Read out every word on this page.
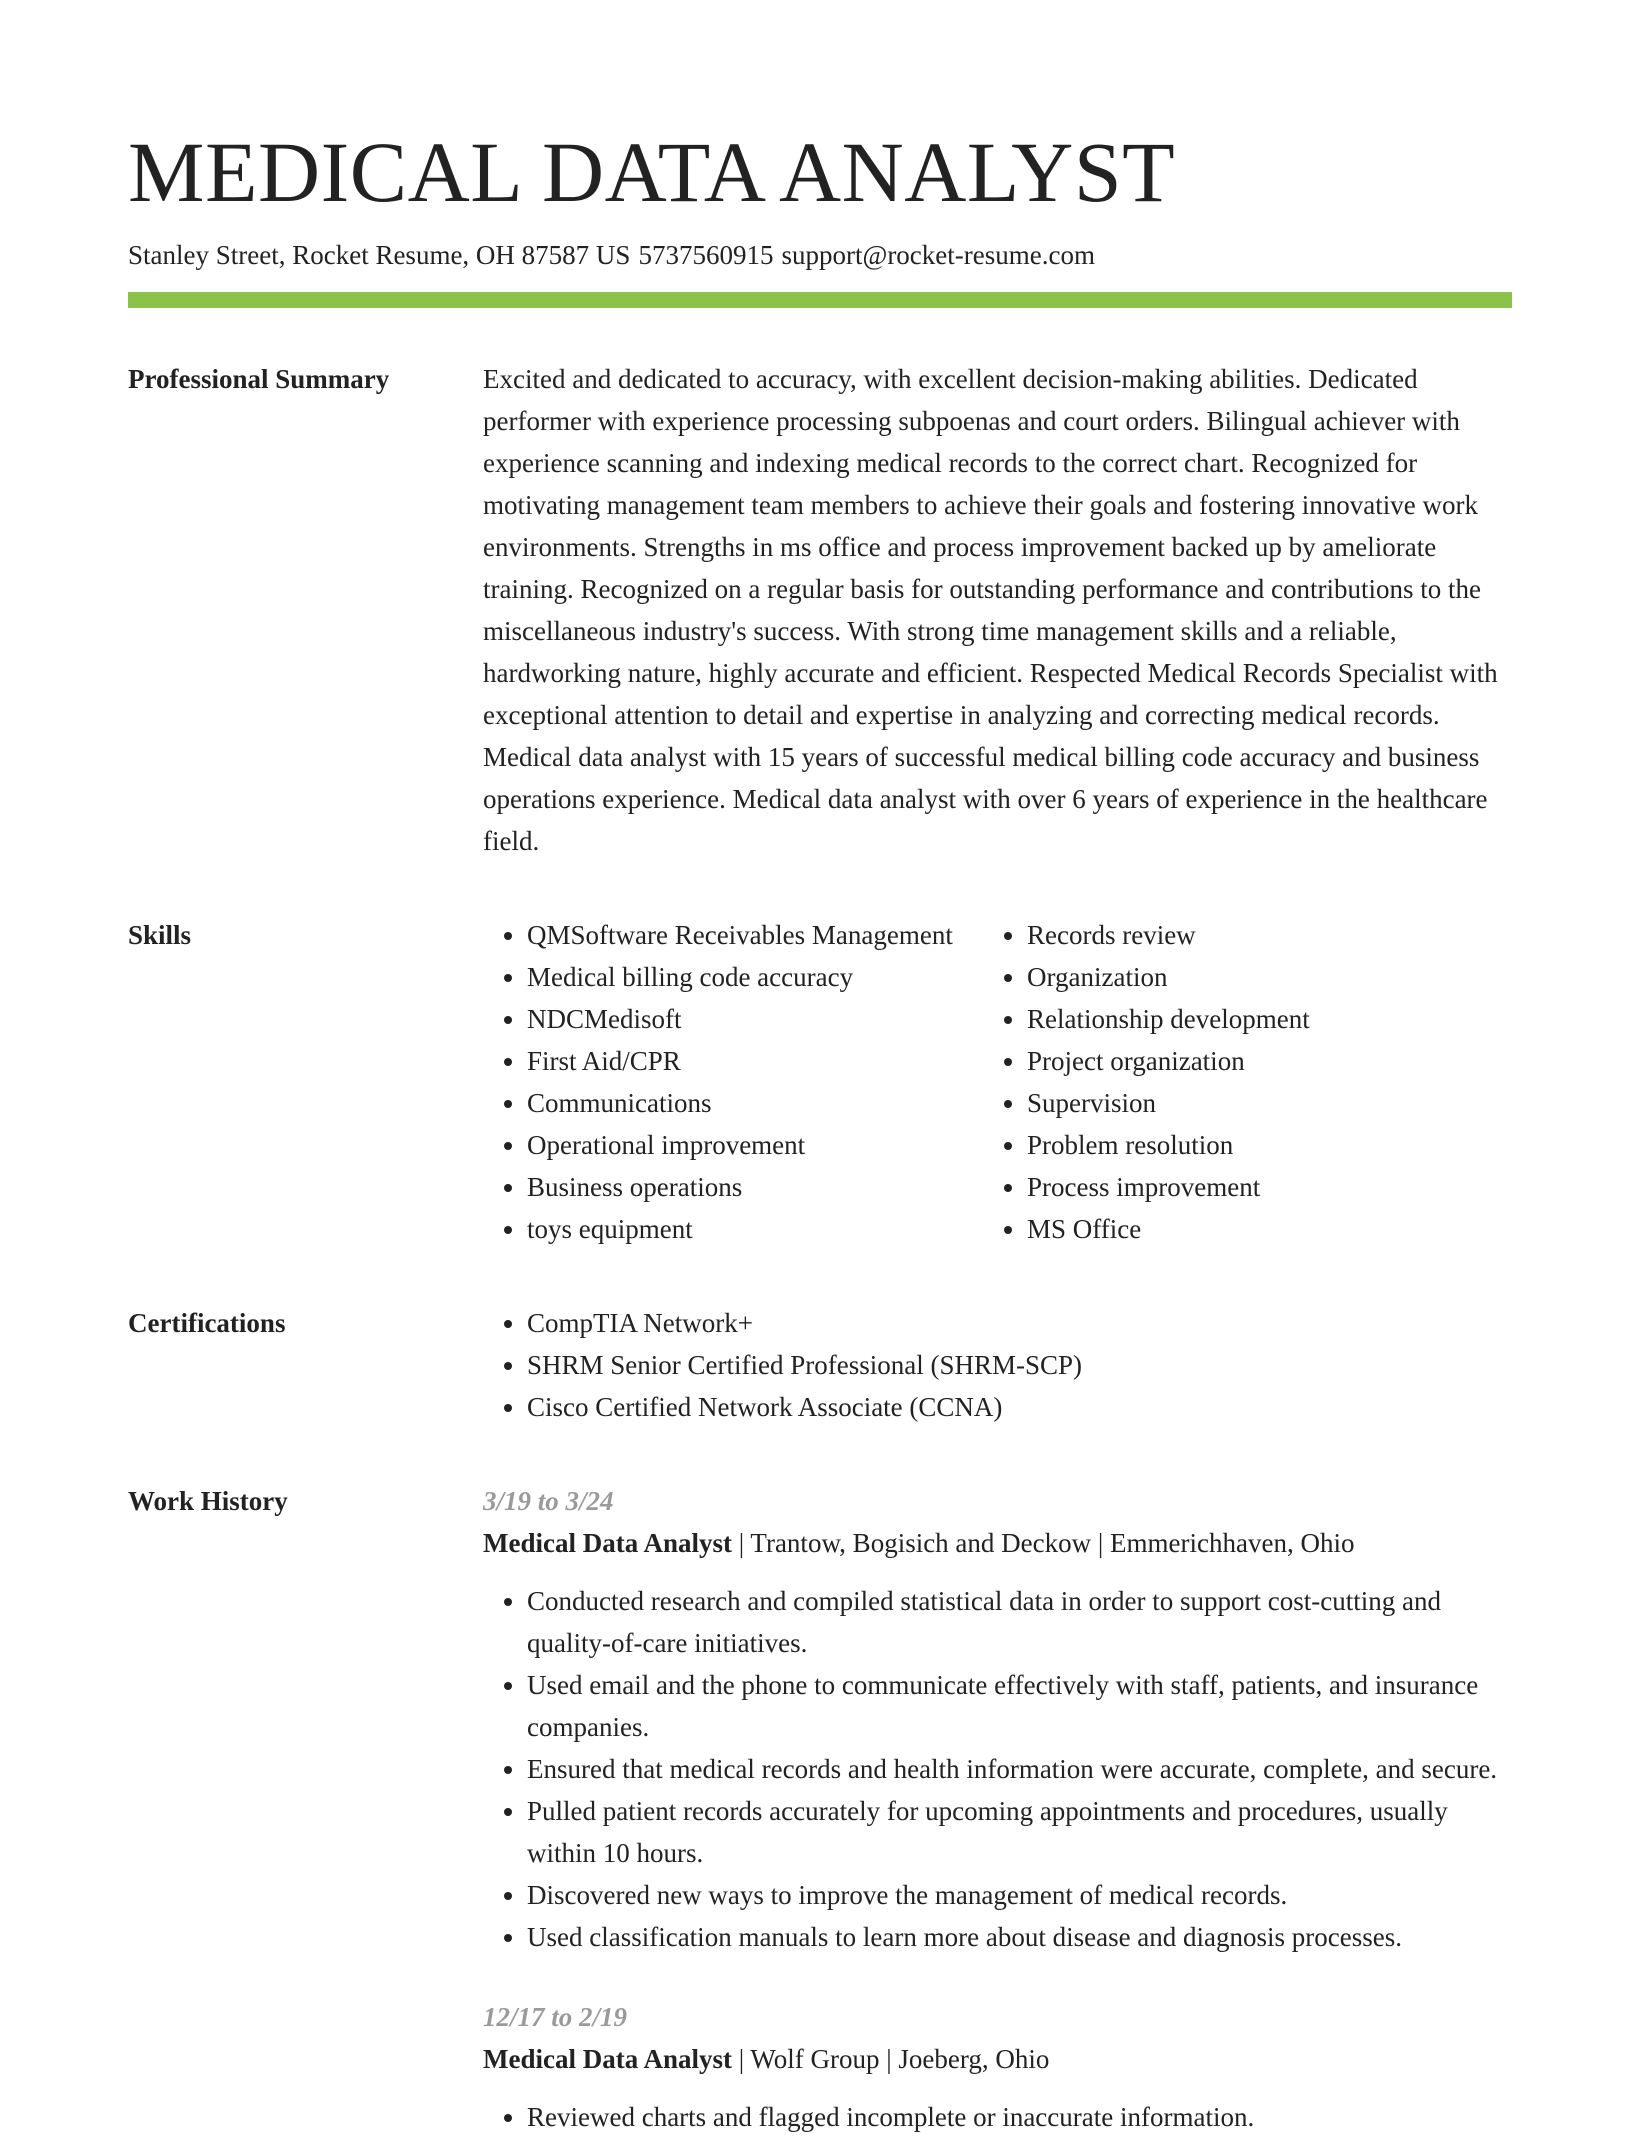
MEDICAL DATA ANALYST
Stanley Street, Rocket Resume, OH 87587 US 5737560915 support@rocket-resume.com
Professional Summary	Excited and dedicated to accuracy, with excellent decision-making abilities. Dedicated performer with experience processing subpoenas and court orders. Bilingual achiever with experience scanning and indexing medical records to the correct chart. Recognized for motivating management team members to achieve their goals and fostering innovative work environments. Strengths in ms office and process improvement backed up by ameliorate training. Recognized on a regular basis for outstanding performance and contributions to the miscellaneous industry's success. With strong time management skills and a reliable, hardworking nature, highly accurate and efficient. Respected Medical Records Specialist with exceptional attention to detail and expertise in analyzing and correcting medical records. Medical data analyst with 15 years of successful medical billing code accuracy and business operations experience. Medical data analyst with over 6 years of experience in the healthcare field.

Skills	• QMSoftware Receivables Management
• Medical billing code accuracy
• NDCMedisoft
• First Aid/CPR
• Communications
• Operational improvement
• Business operations
• toys equipment
• Records review
• Organization
• Relationship development
• Project organization
• Supervision
• Problem resolution
• Process improvement
• MS Office
Certifications	• CompTIA Network+
• SHRM Senior Certified Professional (SHRM-SCP)
• Cisco Certified Network Associate (CCNA)
Work History	3/19 to 3/24
Medical Data Analyst | Trantow, Bogisich and Deckow | Emmerichhaven, Ohio
• Conducted research and compiled statistical data in order to support cost-cutting and quality-of-care initiatives.
• Used email and the phone to communicate effectively with staff, patients, and insurance companies.
• Ensured that medical records and health information were accurate, complete, and secure.
• Pulled patient records accurately for upcoming appointments and procedures, usually within 10 hours.
• Discovered new ways to improve the management of medical records.
• Used classification manuals to learn more about disease and diagnosis processes.
12/17 to 2/19
Medical Data Analyst | Wolf Group | Joeberg, Ohio
• Reviewed charts and flagged incomplete or inaccurate information.
